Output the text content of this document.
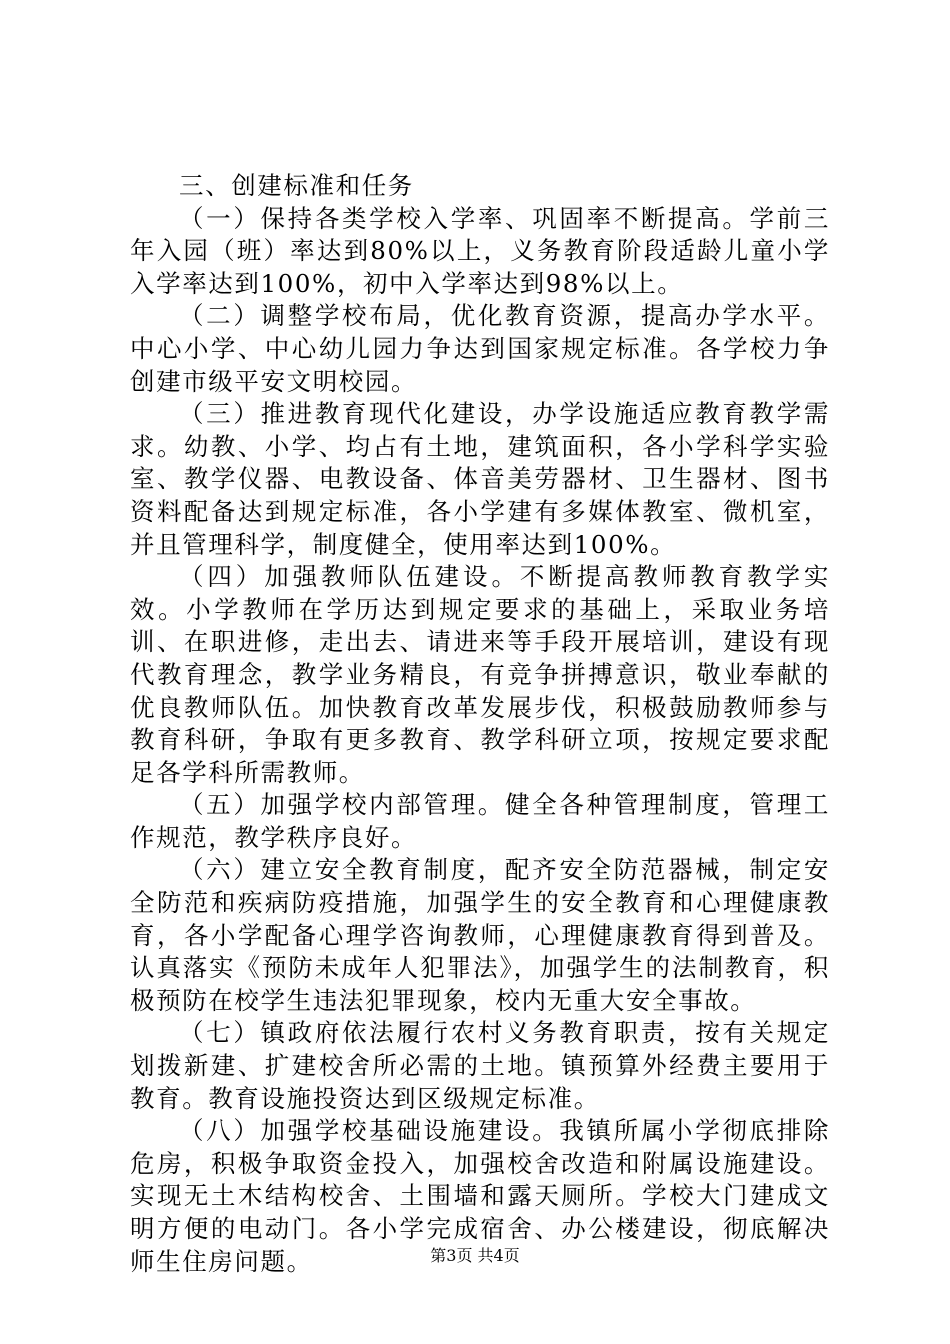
三、创建标准和任务

（一）保持各类学校入学率、巩固率不断提高。学前三年入园（班）率达到80%以上，义务教育阶段适龄儿童小学入学率达到100%，初中入学率达到98%以上。

（二）调整学校布局，优化教育资源，提高办学水平。中心小学、中心幼儿园力争达到国家规定标准。各学校力争创建市级平安文明校园。

（三）推进教育现代化建设，办学设施适应教育教学需求。幼教、小学、均占有土地，建筑面积，各小学科学实验室、教学仪器、电教设备、体音美劳器材、卫生器材、图书资料配备达到规定标准，各小学建有多媒体教室、微机室，并且管理科学，制度健全，使用率达到100%。

（四）加强教师队伍建设。不断提高教师教育教学实效。小学教师在学历达到规定要求的基础上，采取业务培训、在职进修，走出去、请进来等手段开展培训，建设有现代教育理念，教学业务精良，有竞争拼搏意识，敬业奉献的优良教师队伍。加快教育改革发展步伐，积极鼓励教师参与教育科研，争取有更多教育、教学科研立项，按规定要求配足各学科所需教师。

（五）加强学校内部管理。健全各种管理制度，管理工作规范，教学秩序良好。

（六）建立安全教育制度，配齐安全防范器械，制定安全防范和疾病防疫措施，加强学生的安全教育和心理健康教育，各小学配备心理学咨询教师，心理健康教育得到普及。认真落实《预防未成年人犯罪法》，加强学生的法制教育，积极预防在校学生违法犯罪现象，校内无重大安全事故。

（七）镇政府依法履行农村义务教育职责，按有关规定划拨新建、扩建校舍所必需的土地。镇预算外经费主要用于教育。教育设施投资达到区级规定标准。

（八）加强学校基础设施建设。我镇所属小学彻底排除危房，积极争取资金投入，加强校舍改造和附属设施建设。实现无土木结构校舍、土围墙和露天厕所。学校大门建成文明方便的电动门。各小学完成宿舍、办公楼建设，彻底解决师生住房问题。	第3页 共4页
